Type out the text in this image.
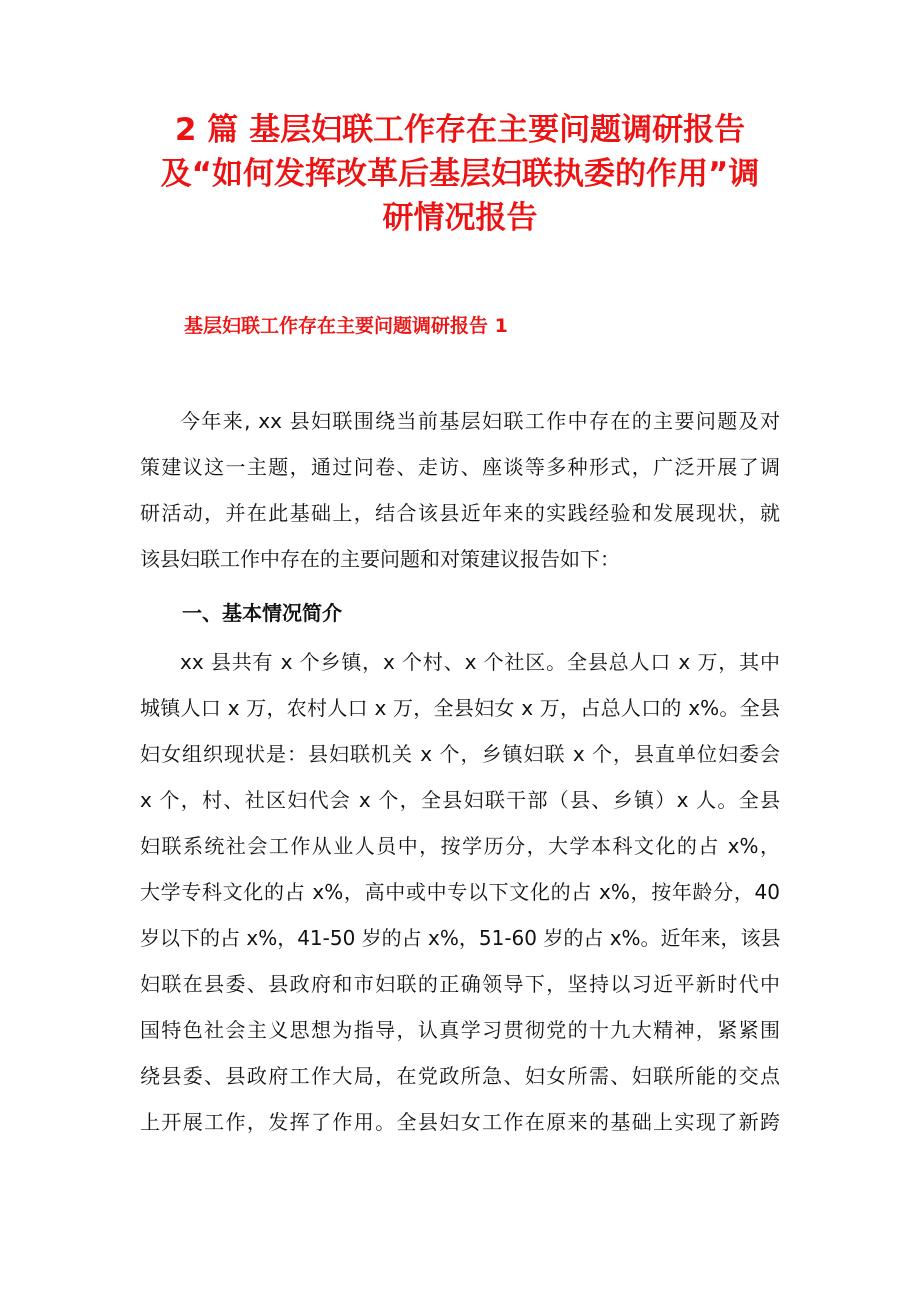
2 篇 基层妇联工作存在主要问题调研报告
及“如何发挥改革后基层妇联执委的作用”调
研情况报告
基层妇联工作存在主要问题调研报告 1
今年来, xx 县妇联围绕当前基层妇联工作中存在的主要问题及对
策建议这一主题，通过问卷、走访、座谈等多种形式，广泛开展了调
研活动，并在此基础上，结合该县近年来的实践经验和发展现状，就
该县妇联工作中存在的主要问题和对策建议报告如下：
一、基本情况简介
xx 县共有 x 个乡镇，x 个村、x 个社区。全县总人口 x 万，其中
城镇人口 x 万，农村人口 x 万，全县妇女 x 万，占总人口的 x%。全县
妇女组织现状是：县妇联机关 x 个，乡镇妇联 x 个，县直单位妇委会
x 个，村、社区妇代会 x 个，全县妇联干部（县、乡镇）x 人。全县
妇联系统社会工作从业人员中，按学历分，大学本科文化的占 x%，
大学专科文化的占 x%，高中或中专以下文化的占 x%，按年龄分，40
岁以下的占 x%，41-50 岁的占 x%，51-60 岁的占 x%。近年来，该县
妇联在县委、县政府和市妇联的正确领导下，坚持以习近平新时代中
国特色社会主义思想为指导，认真学习贯彻党的十九大精神，紧紧围
绕县委、县政府工作大局，在党政所急、妇女所需、妇联所能的交点
上开展工作，发挥了作用。全县妇女工作在原来的基础上实现了新跨
